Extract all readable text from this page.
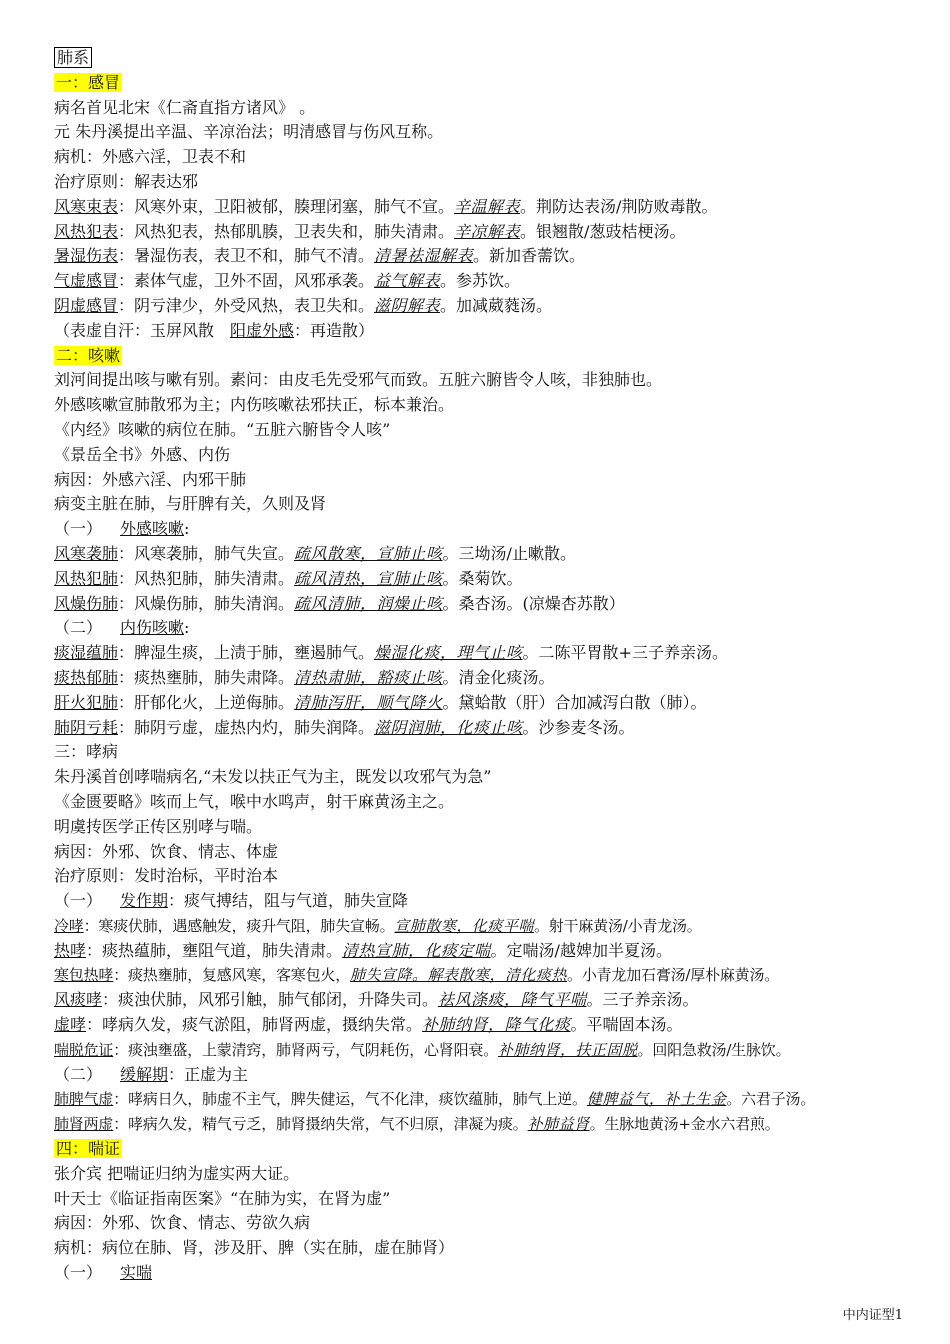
肺系
一：感冒
病名首见北宋《仁斋直指方诸风》 。
元 朱丹溪提出辛温、辛凉治法；明清感冒与伤风互称。
病机：外感六淫，卫表不和
治疗原则：解表达邪
风寒束表：风寒外束，卫阳被郁，腠理闭塞，肺气不宣。辛温解表。荆防达表汤/荆防败毒散。
风热犯表：风热犯表，热郁肌腠，卫表失和，肺失清肃。辛凉解表。银翘散/葱豉桔梗汤。
暑湿伤表：暑湿伤表，表卫不和，肺气不清。清暑祛湿解表。新加香薷饮。
气虚感冒：素体气虚，卫外不固，风邪承袭。益气解表。参苏饮。
阴虚感冒：阴亏津少，外受风热，表卫失和。滋阴解表。加减葳蕤汤。
（表虚自汗：玉屏风散　阳虚外感：再造散）
二：咳嗽
刘河间提出咳与嗽有别。素问：由皮毛先受邪气而致。五脏六腑皆令人咳，非独肺也。
外感咳嗽宣肺散邪为主；内伤咳嗽祛邪扶正，标本兼治。
《内经》咳嗽的病位在肺。“五脏六腑皆令人咳”
《景岳全书》外感、内伤
病因：外感六淫、内邪干肺
病变主脏在肺，与肝脾有关，久则及肾
（一） 外感咳嗽:
风寒袭肺：风寒袭肺，肺气失宣。疏风散寒，宣肺止咳。三坳汤/止嗽散。
风热犯肺：风热犯肺，肺失清肃。疏风清热，宣肺止咳。桑菊饮。
风燥伤肺：风燥伤肺，肺失清润。疏风清肺，润燥止咳。桑杏汤。(凉燥杏苏散）
（二） 内伤咳嗽:
痰湿蕴肺：脾湿生痰，上渍于肺，壅遏肺气。燥湿化痰，理气止咳。二陈平胃散+三子养亲汤。
痰热郁肺：痰热壅肺，肺失肃降。清热肃肺，豁痰止咳。清金化痰汤。
肝火犯肺：肝郁化火，上逆侮肺。清肺泻肝，顺气降火。黛蛤散（肝）合加减泻白散（肺）。
肺阴亏耗：肺阴亏虚，虚热内灼，肺失润降。滋阴润肺，化痰止咳。沙参麦冬汤。
三：哮病
朱丹溪首创哮喘病名,“未发以扶正气为主，既发以攻邪气为急”
《金匮要略》咳而上气，喉中水鸣声，射干麻黄汤主之。
明虞抟医学正传区别哮与喘。
病因：外邪、饮食、情志、体虚
治疗原则：发时治标，平时治本
（一） 发作期：痰气搏结，阻与气道，肺失宣降
冷哮：寒痰伏肺，遇感触发，痰升气阻，肺失宣畅。宣肺散寒，化痰平喘。射干麻黄汤/小青龙汤。
热哮：痰热蕴肺，壅阻气道，肺失清肃。清热宣肺，化痰定喘。定喘汤/越婢加半夏汤。
寒包热哮：痰热壅肺，复感风寒，客寒包火，肺失宣降。解表散寒，清化痰热。小青龙加石膏汤/厚朴麻黄汤。
风痰哮：痰浊伏肺，风邪引触，肺气郁闭，升降失司。祛风涤痰，降气平喘。三子养亲汤。
虚哮：哮病久发，痰气淤阻，肺肾两虚，摄纳失常。补肺纳肾，降气化痰。平喘固本汤。
喘脱危证：痰浊壅盛，上蒙清窍，肺肾两亏，气阴耗伤，心肾阳衰。补肺纳肾，扶正固脱。回阳急救汤/生脉饮。
（二） 缓解期：正虚为主
肺脾气虚：哮病日久，肺虚不主气，脾失健运，气不化津，痰饮蕴肺，肺气上逆。健脾益气，补土生金。六君子汤。
肺肾两虚：哮病久发，精气亏乏，肺肾摄纳失常，气不归原，津凝为痰。补肺益肾。生脉地黄汤+金水六君煎。
四：喘证
张介宾 把喘证归纳为虚实两大证。
叶天士《临证指南医案》“在肺为实，在肾为虚”
病因：外邪、饮食、情志、劳欲久病
病机：病位在肺、肾，涉及肝、脾（实在肺，虚在肺肾）
（一） 实喘
中内证型1
